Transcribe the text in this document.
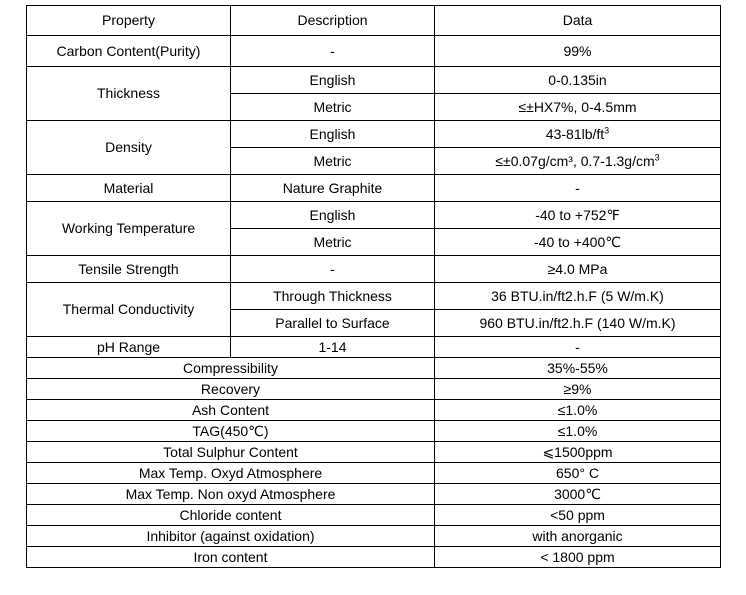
Property	Description	Data
Carbon Content(Purity)	-	99%
Thickness	English	0-0.135in
	Metric	≤±HX7%, 0-4.5mm
Density	English	$43-81lb/ft^3$
	Metric	≤±0.07g/cm³, $0.7-1.3g/cm^3$
Material	Nature Graphite	-
Working Temperature	English	-40 to +752℉
	Metric	-40 to +400℃
Tensile Strength	-	≥4.0 MPa
Thermal Conductivity	Through Thickness	36 BTU.in/ft2.h.F (5 W/m.K)
	Parallel to Surface	960 BTU.in/ft2.h.F (140 W/m.K)
pH Range	1-14	-
Compressibility		35%-55%
Recovery		≥9%
Ash Content		≤1.0%
TAG(450℃)		≤1.0%
Total Sulphur Content		⩽1500ppm
Max Temp. Oxyd Atmosphere		650° C
Max Temp. Non oxyd Atmosphere		3000℃
Chloride content		<50 ppm
Inhibitor (against oxidation)		with anorganic
Iron content		< 1800 ppm
